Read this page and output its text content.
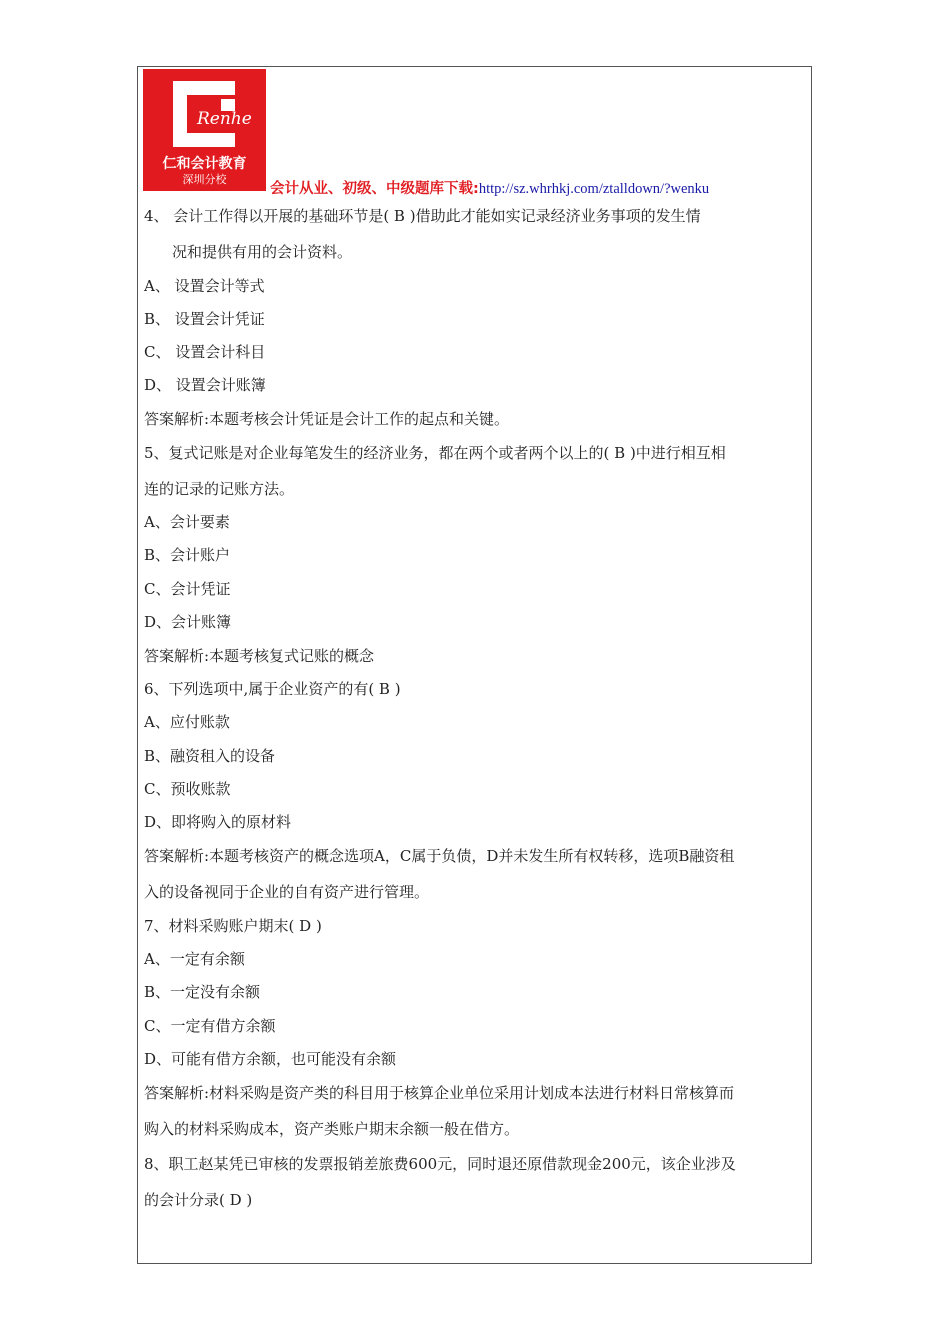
Renhe
仁和会计教育
深圳分校
会计从业、初级、中级题库下载:http://sz.whrhkj.com/ztalldown/?wenku
4、 会计工作得以开展的基础环节是( B )借助此才能如实记录经济业务事项的发生情
况和提供有用的会计资料。
A、 设置会计等式
B、 设置会计凭证
C、 设置会计科目
D、 设置会计账簿
答案解析:本题考核会计凭证是会计工作的起点和关键。
5、复式记账是对企业每笔发生的经济业务，都在两个或者两个以上的( B )中进行相互相
连的记录的记账方法。
A、会计要素
B、会计账户
C、会计凭证
D、会计账簿
答案解析:本题考核复式记账的概念
6、下列选项中,属于企业资产的有( B )
A、应付账款
B、融资租入的设备
C、预收账款
D、即将购入的原材料
答案解析:本题考核资产的概念选项A，C属于负债，D并未发生所有权转移，选项B融资租
入的设备视同于企业的自有资产进行管理。
7、材料采购账户期末( D )
A、一定有余额
B、一定没有余额
C、一定有借方余额
D、可能有借方余额，也可能没有余额
答案解析:材料采购是资产类的科目用于核算企业单位采用计划成本法进行材料日常核算而
购入的材料采购成本，资产类账户期末余额一般在借方。
8、职工赵某凭已审核的发票报销差旅费600元，同时退还原借款现金200元，该企业涉及
的会计分录( D )
